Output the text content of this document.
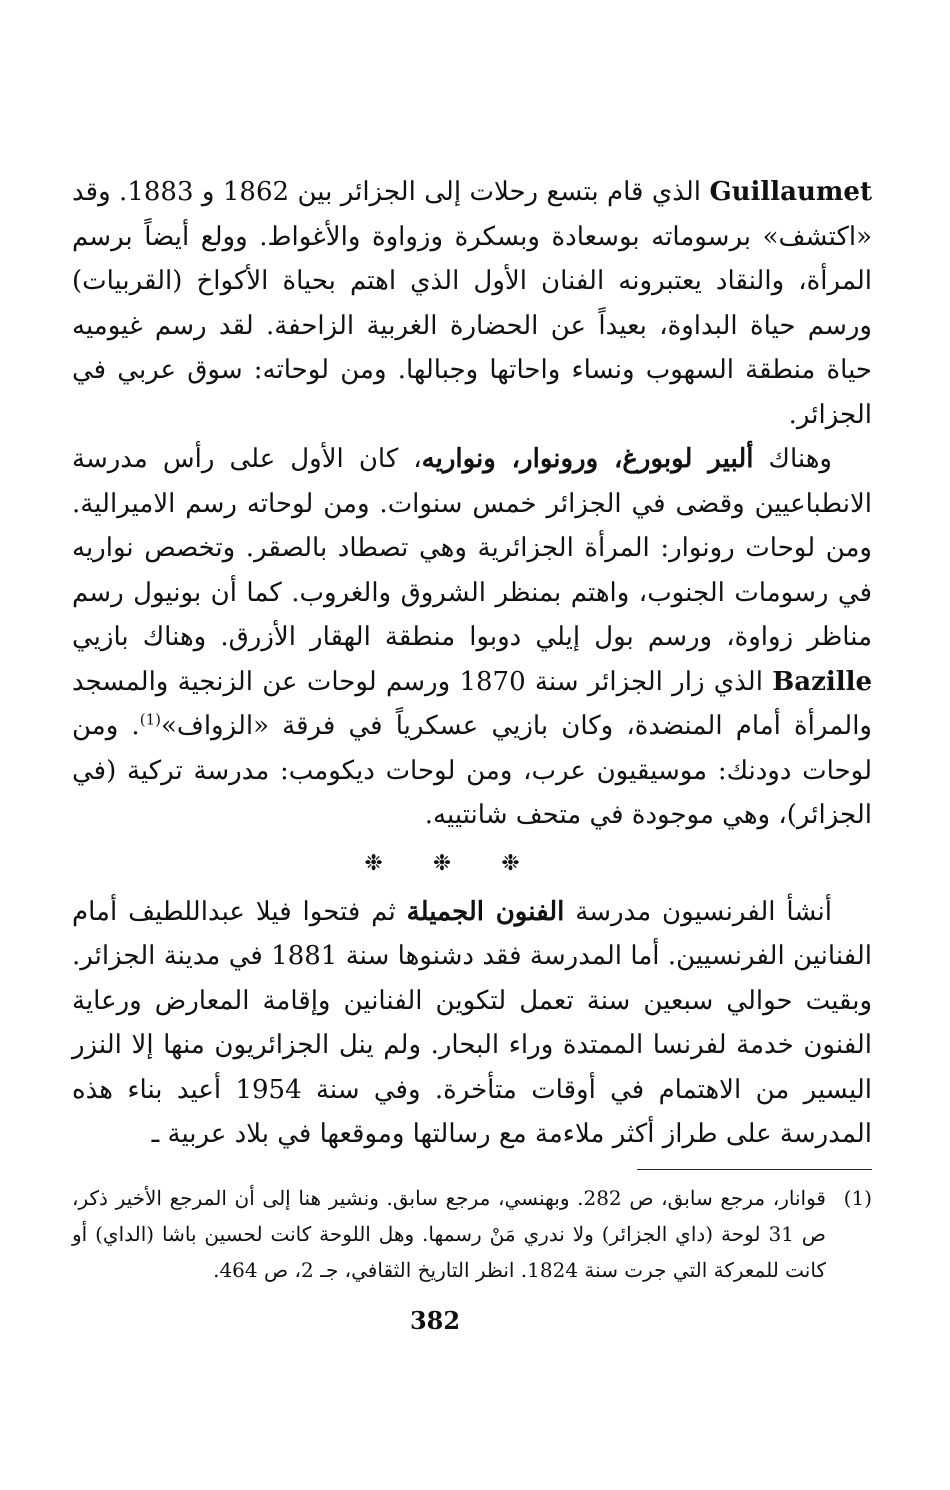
Guillaumet الذي قام بتسع رحلات إلى الجزائر بين 1862 و 1883. وقد «اكتشف» برسوماته بوسعادة وبسكرة وزواوة والأغواط. وولع أيضاً برسم المرأة، والنقاد يعتبرونه الفنان الأول الذي اهتم بحياة الأكواخ (القربيات) ورسم حياة البداوة، بعيداً عن الحضارة الغربية الزاحفة. لقد رسم غيوميه حياة منطقة السهوب ونساء واحاتها وجبالها. ومن لوحاته: سوق عربي في الجزائر.

وهناك ألبير لوبورغ، ورونوار، ونواريه، كان الأول على رأس مدرسة الانطباعيين وقضى في الجزائر خمس سنوات. ومن لوحاته رسم الاميرالية. ومن لوحات رونوار: المرأة الجزائرية وهي تصطاد بالصقر. وتخصص نواريه في رسومات الجنوب، واهتم بمنظر الشروق والغروب. كما أن بونيول رسم مناظر زواوة، ورسم بول إيلي دوبوا منطقة الهقار الأزرق. وهناك بازيي Bazille الذي زار الجزائر سنة 1870 ورسم لوحات عن الزنجية والمسجد والمرأة أمام المنضدة، وكان بازيي عسكرياً في فرقة «الزواف»$^{(1)}$. ومن لوحات دودنك: موسيقيون عرب، ومن لوحات ديكومب: مدرسة تركية (في الجزائر)، وهي موجودة في متحف شانتييه.

❉ ❉ ❉

أنشأ الفرنسيون مدرسة الفنون الجميلة ثم فتحوا فيلا عبداللطيف أمام الفنانين الفرنسيين. أما المدرسة فقد دشنوها سنة 1881 في مدينة الجزائر. وبقيت حوالي سبعين سنة تعمل لتكوين الفنانين وإقامة المعارض ورعاية الفنون خدمة لفرنسا الممتدة وراء البحار. ولم ينل الجزائريون منها إلا النزر اليسير من الاهتمام في أوقات متأخرة. وفي سنة 1954 أعيد بناء هذه المدرسة على طراز أكثر ملاءمة مع رسالتها وموقعها في بلاد عربية ـ

(1)
قوانار، مرجع سابق، ص 282. وبهنسي، مرجع سابق. ونشير هنا إلى أن المرجع الأخير ذكر، ص 31 لوحة (داي الجزائر) ولا ندري مَنْ رسمها. وهل اللوحة كانت لحسين باشا (الداي) أو كانت للمعركة التي جرت سنة 1824. انظر التاريخ الثقافي، جـ 2، ص 464.

382
